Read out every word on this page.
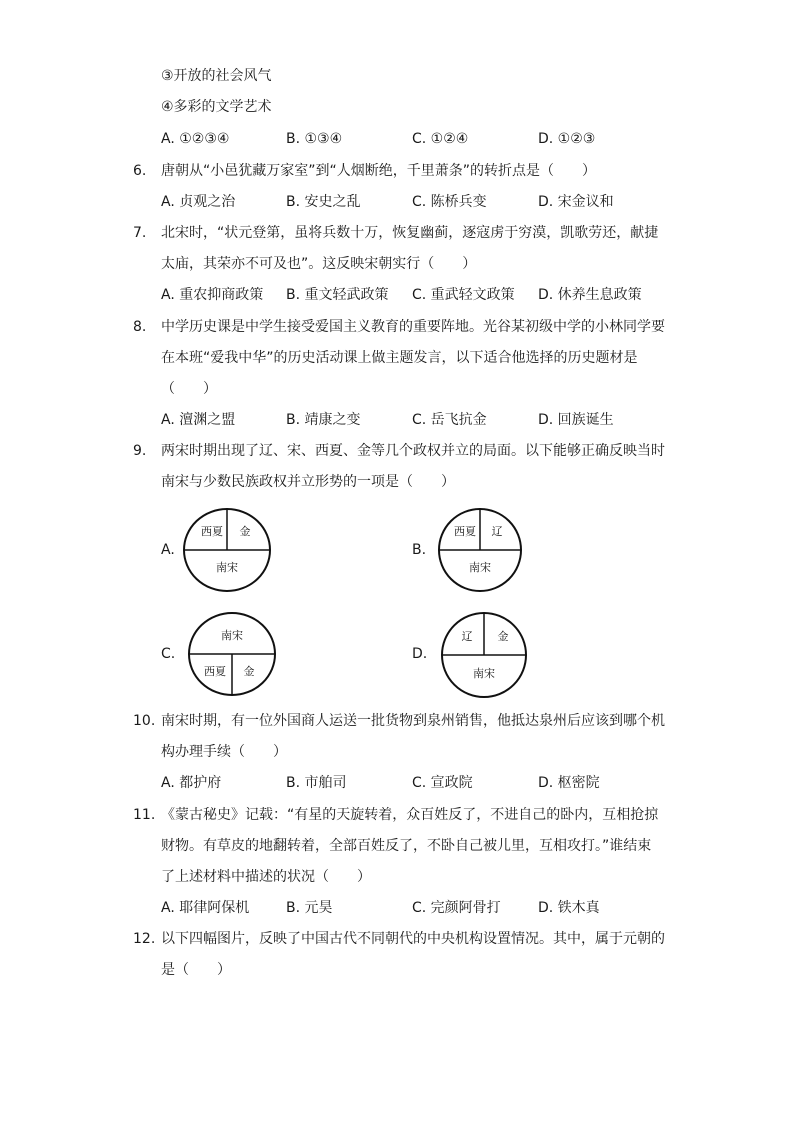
③开放的社会风气
④多彩的文学艺术
A. ①②③④	B. ①③④	C. ①②④	D. ①②③
6. 唐朝从“小邑犹藏万家室”到“人烟断绝，千里萧条”的转折点是（　　）
A. 贞观之治	B. 安史之乱	C. 陈桥兵变	D. 宋金议和
7. 北宋时，“状元登第，虽将兵数十万，恢复幽蓟，逐寇虏于穷漠，凯歌劳还，献捷
太庙，其荣亦不可及也”。这反映宋朝实行（　　）
A. 重农抑商政策 B. 重文轻武政策 C. 重武轻文政策 D. 休养生息政策
8. 中学历史课是中学生接受爱国主义教育的重要阵地。光谷某初级中学的小林同学要
在本班“爱我中华”的历史活动课上做主题发言，以下适合他选择的历史题材是
（　　）
A. 澶渊之盟	B. 靖康之变	C. 岳飞抗金	D. 回族诞生
9. 两宋时期出现了辽、宋、西夏、金等几个政权并立的局面。以下能够正确反映当时
南宋与少数民族政权并立形势的一项是（　　）
A.
西夏 金
南宋
B.
西夏 辽
南宋
C.
南宋
西夏 金
D.
辽 金
南宋
10. 南宋时期，有一位外国商人运送一批货物到泉州销售，他抵达泉州后应该到哪个机
构办理手续（　　）
A. 都护府	B. 市舶司	C. 宣政院	D. 枢密院
11. 《蒙古秘史》记载：“有星的天旋转着，众百姓反了，不进自己的卧内，互相抢掠
财物。有草皮的地翻转着，全部百姓反了，不卧自己被儿里，互相攻打。”谁结束
了上述材料中描述的状况（　　）
A. 耶律阿保机	B. 元昊	C. 完颜阿骨打	D. 铁木真
12. 以下四幅图片，反映了中国古代不同朝代的中央机构设置情况。其中，属于元朝的
是（　　）
